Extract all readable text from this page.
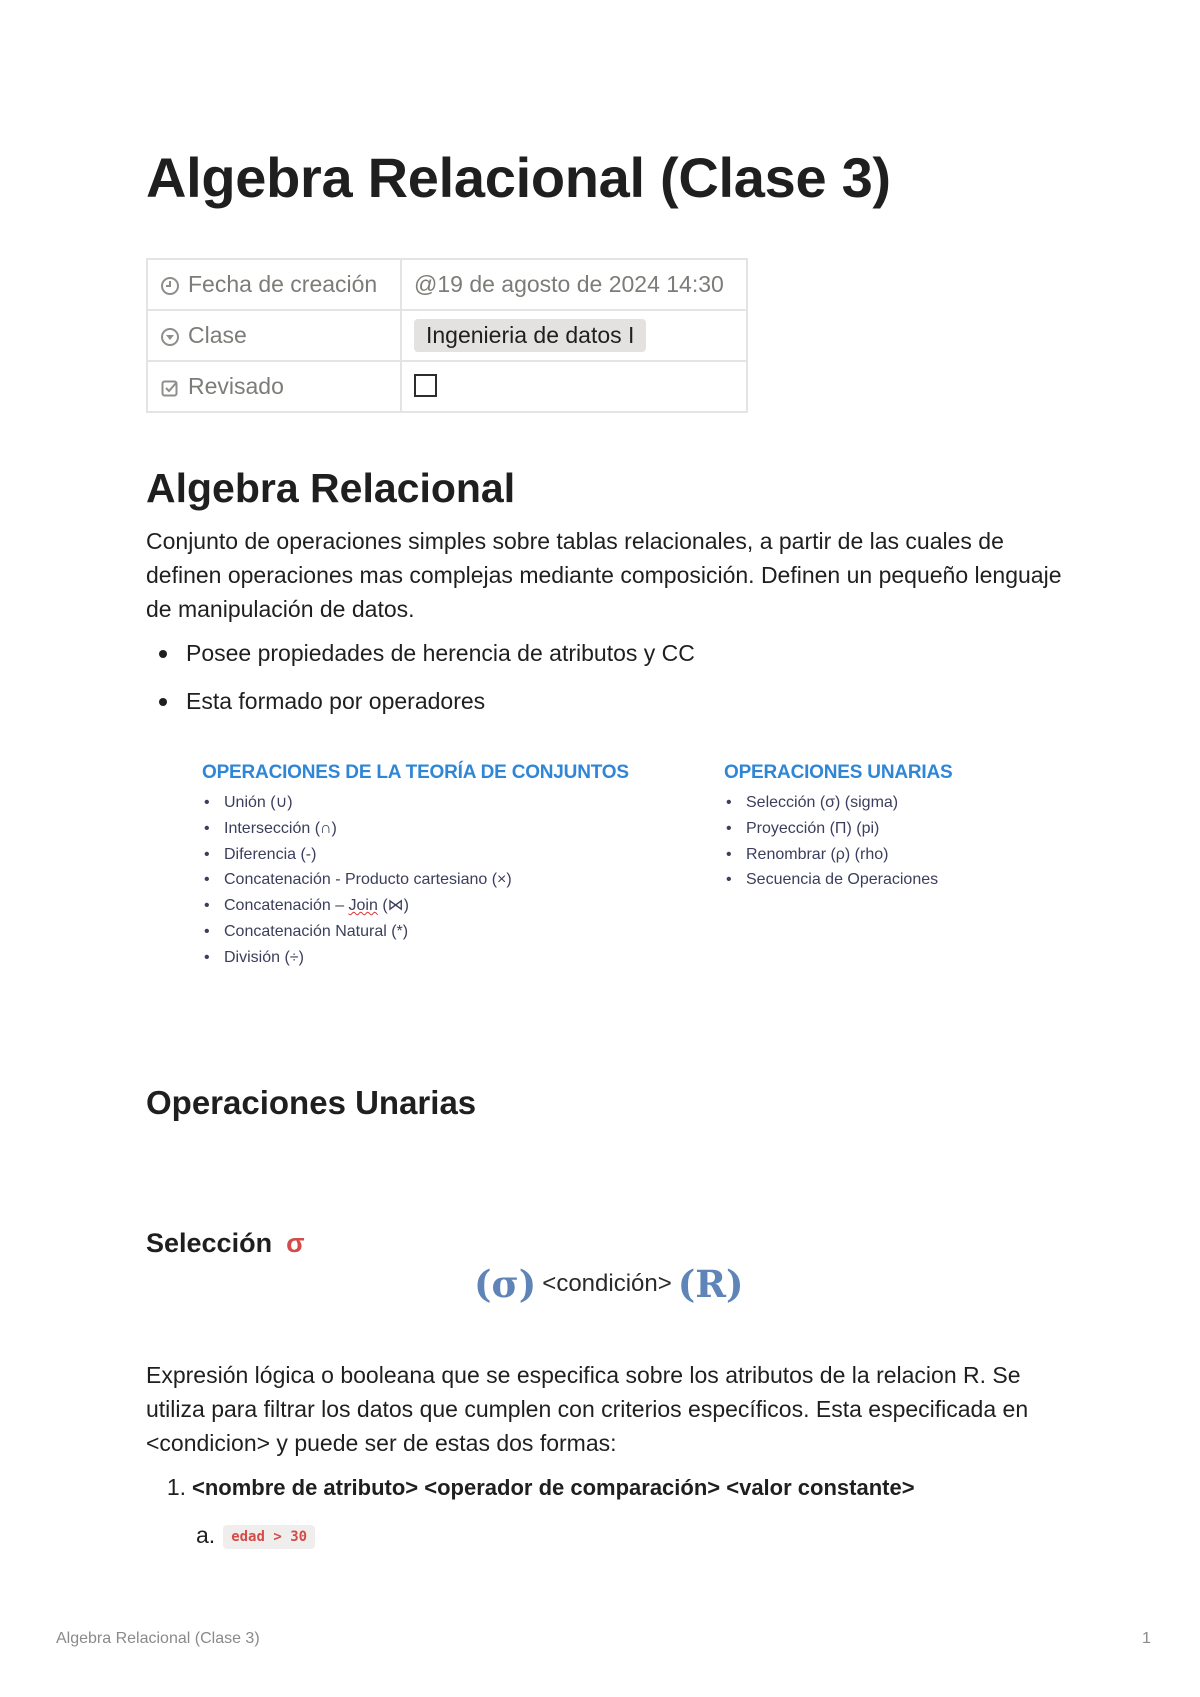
Algebra Relacional (Clase 3)
Fecha de creación	@19 de agosto de 2024 14:30
Clase	Ingenieria de datos I
Revisado	
Algebra Relacional

Conjunto de operaciones simples sobre tablas relacionales, a partir de las cuales de definen operaciones mas complejas mediante composición. Definen un pequeño lenguaje de manipulación de datos.

Posee propiedades de herencia de atributos y CC
Esta formado por operadores
OPERACIONES DE LA TEORÍA DE CONJUNTOS
• Unión (∪)
• Intersección (∩)
• Diferencia (-)
• Concatenación - Producto cartesiano (×)
• Concatenación – Join (⋈)
• Concatenación Natural (*)
• División (÷)
OPERACIONES UNARIAS
• Selección (σ) (sigma)
• Proyección (Π) (pi)
• Renombrar (ρ) (rho)
• Secuencia de Operaciones
Operaciones Unarias
Selección σ
(σ) <condición> (R)

Expresión lógica o booleana que se especifica sobre los atributos de la relacion R. Se utiliza para filtrar los datos que cumplen con criterios específicos. Esta especificada en <condicion> y puede ser de estas dos formas:

1. <nombre de atributo> <operador de comparación> <valor constante>
a. edad > 30
Algebra Relacional (Clase 3)	1
